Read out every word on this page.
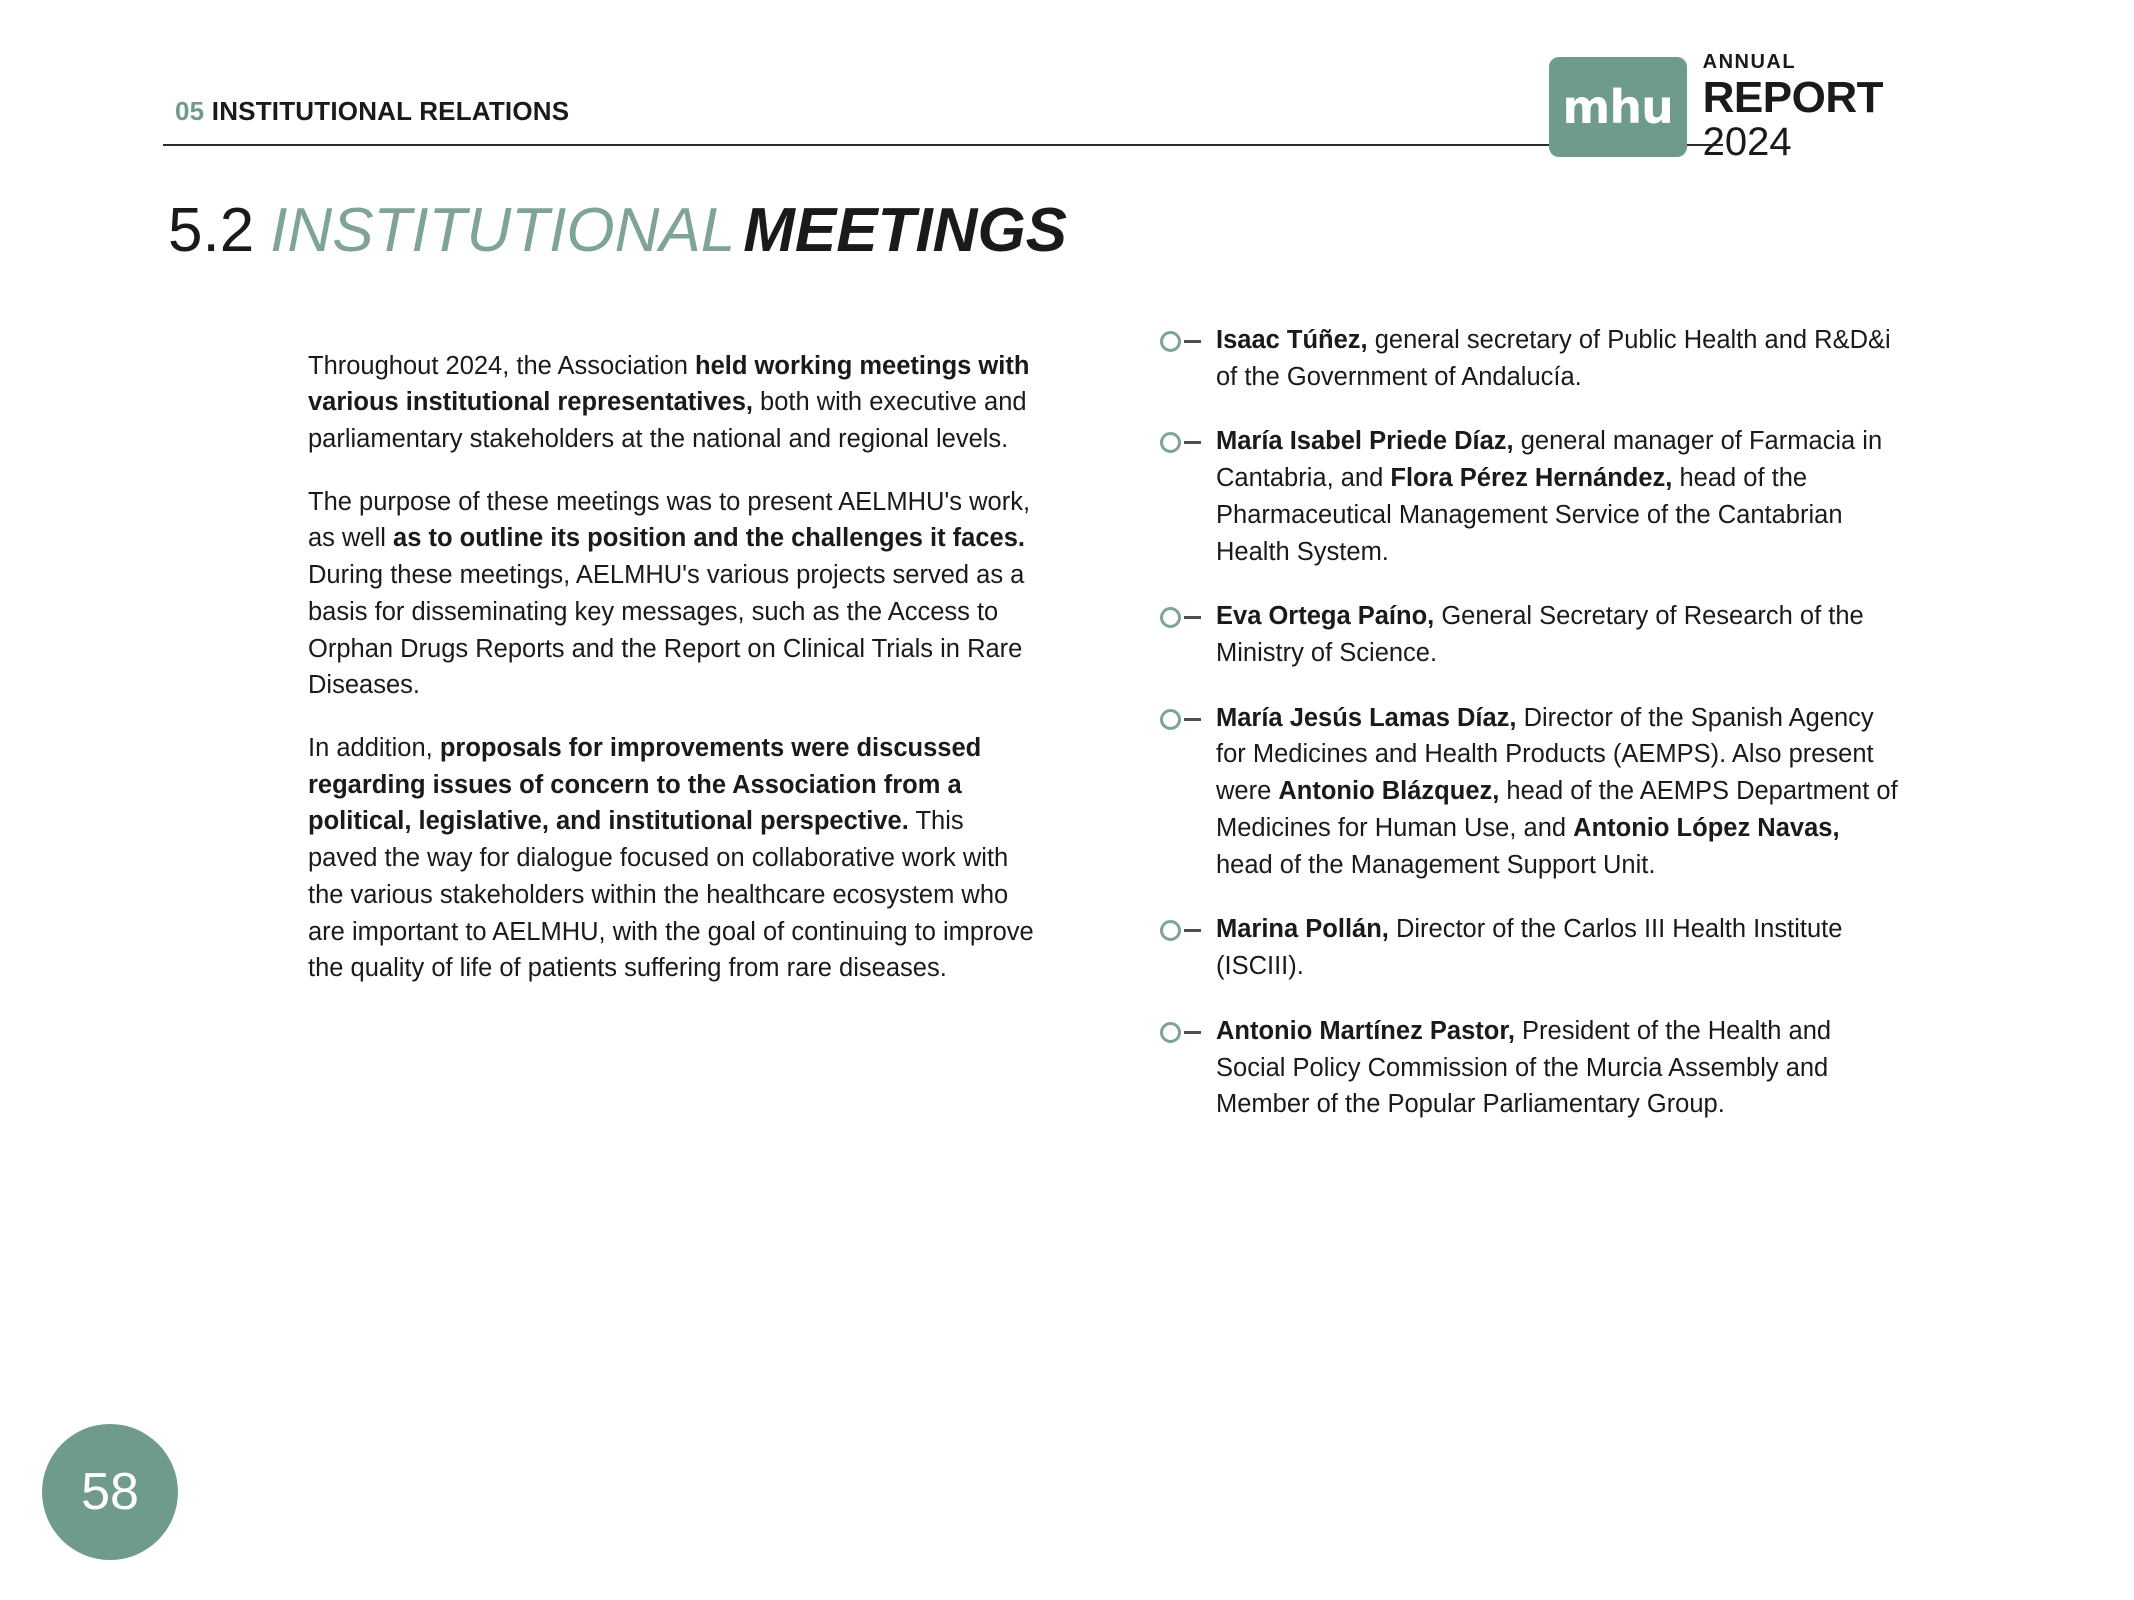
05 INSTITUTIONAL RELATIONS	mhu
ANNUAL
REPORT
2024
5.2 INSTITUTIONAL MEETINGS

Throughout 2024, the Association held working meetings with various institutional representatives, both with executive and parliamentary stakeholders at the national and regional levels.

The purpose of these meetings was to present AELMHU's work, as well as to outline its position and the challenges it faces. During these meetings, AELMHU's various projects served as a basis for disseminating key messages, such as the Access to Orphan Drugs Reports and the Report on Clinical Trials in Rare Diseases.

In addition, proposals for improvements were discussed regarding issues of concern to the Association from a political, legislative, and institutional perspective. This paved the way for dialogue focused on collaborative work with the various stakeholders within the healthcare ecosystem who are important to AELMHU, with the goal of continuing to improve the quality of life of patients suffering from rare diseases.

Isaac Túñez, general secretary of Public Health and R&D&i of the Government of Andalucía.
María Isabel Priede Díaz, general manager of Farmacia in Cantabria, and Flora Pérez Hernández, head of the Pharmaceutical Management Service of the Cantabrian Health System.
Eva Ortega Paíno, General Secretary of Research of the Ministry of Science.
María Jesús Lamas Díaz, Director of the Spanish Agency for Medicines and Health Products (AEMPS). Also present were Antonio Blázquez, head of the AEMPS Department of Medicines for Human Use, and Antonio López Navas, head of the Management Support Unit.
Marina Pollán, Director of the Carlos III Health Institute (ISCIII).
Antonio Martínez Pastor, President of the Health and Social Policy Commission of the Murcia Assembly and Member of the Popular Parliamentary Group.
58
